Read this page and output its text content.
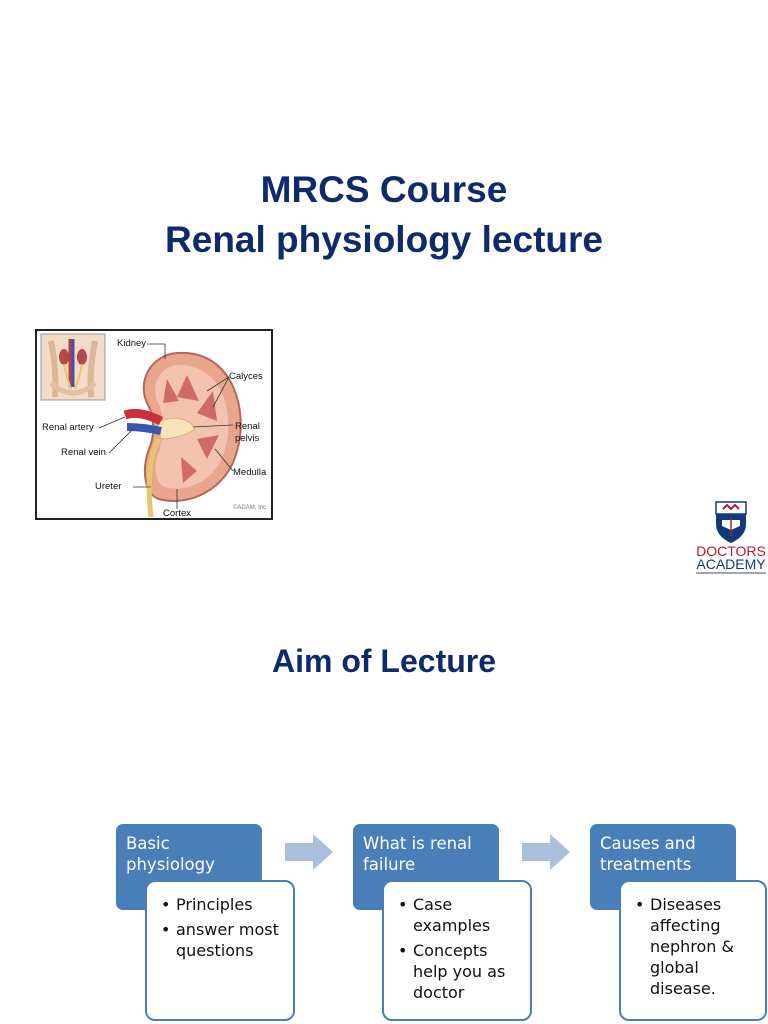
MRCS Course
Renal physiology lecture
Kidney
Calyces
Renal artery	Renal
pelvis
Renal vein
Medulla
Ureter
Cortex	©ADAM, Inc.
DOCTORS
ACADEMY
Aim of Lecture
Basic physiology
• Principles
• answer most questions
What is renal failure
• Case examples
• Concepts help you as doctor
Causes and treatments
• Diseases affecting nephron & global disease.
